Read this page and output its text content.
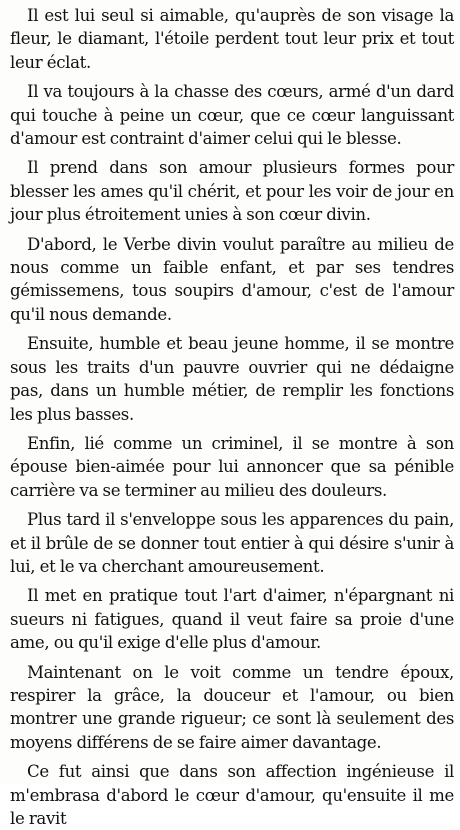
Il est lui seul si aimable, qu'auprès de son visage la fleur, le diamant, l'étoile perdent tout leur prix et tout leur éclat.

Il va toujours à la chasse des cœurs, armé d'un dard qui touche à peine un cœur, que ce cœur languissant d'amour est contraint d'aimer celui qui le blesse.

Il prend dans son amour plusieurs formes pour blesser les ames qu'il chérit, et pour les voir de jour en jour plus étroitement unies à son cœur divin.

D'abord, le Verbe divin voulut paraître au milieu de nous comme un faible enfant, et par ses tendres gémissemens, tous soupirs d'amour, c'est de l'amour qu'il nous demande.

Ensuite, humble et beau jeune homme, il se montre sous les traits d'un pauvre ouvrier qui ne dédaigne pas, dans un humble métier, de remplir les fonctions les plus basses.

Enfin, lié comme un criminel, il se montre à son épouse bien-aimée pour lui annoncer que sa pénible carrière va se terminer au milieu des douleurs.

Plus tard il s'enveloppe sous les apparences du pain, et il brûle de se donner tout entier à qui désire s'unir à lui, et le va cherchant amoureusement.

Il met en pratique tout l'art d'aimer, n'épargnant ni sueurs ni fatigues, quand il veut faire sa proie d'une ame, ou qu'il exige d'elle plus d'amour.

Maintenant on le voit comme un tendre époux, respirer la grâce, la douceur et l'amour, ou bien montrer une grande rigueur; ce sont là seulement des moyens différens de se faire aimer davantage.

Ce fut ainsi que dans son affection ingénieuse il m'embrasa d'abord le cœur d'amour, qu'ensuite il me le ravit
